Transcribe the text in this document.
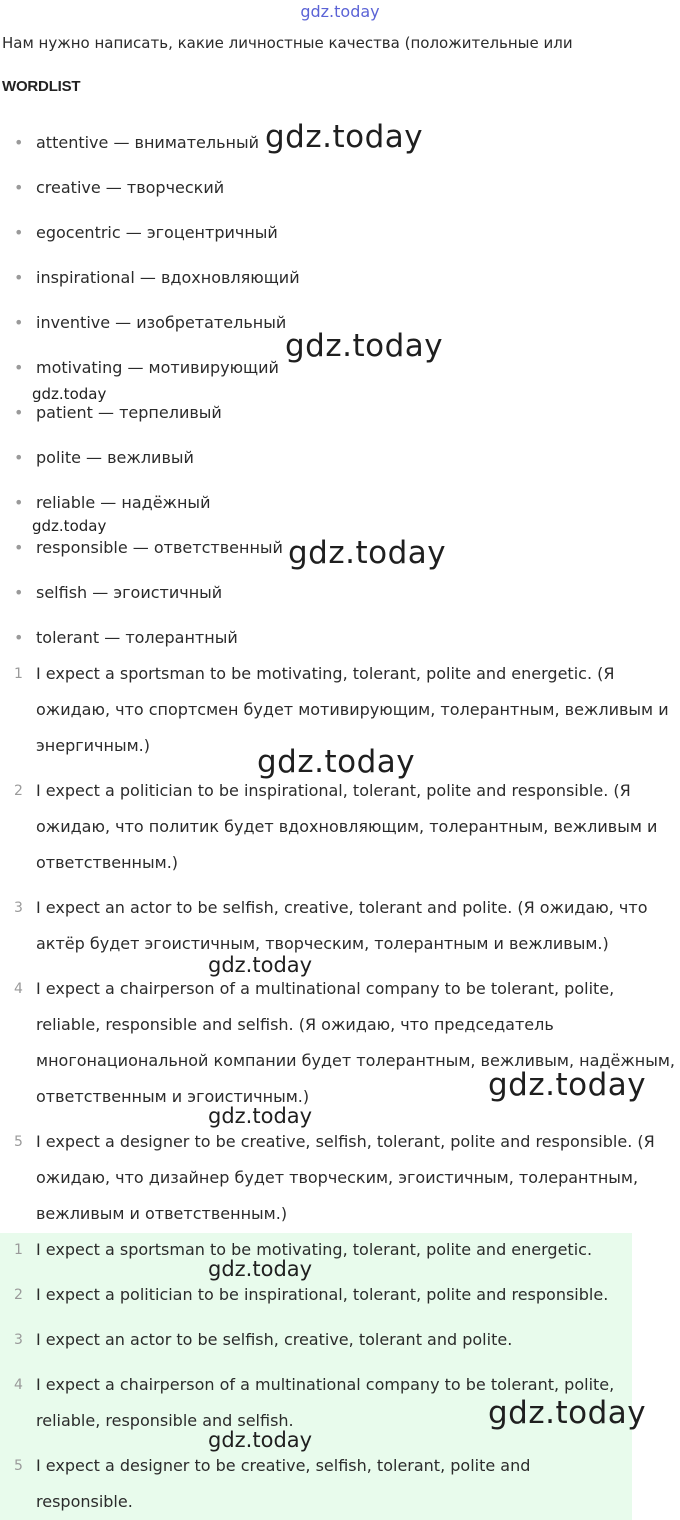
gdz.today
Нам нужно написать, какие личностные качества (положительные или
WORDLIST
• attentive — внимательный
• creative — творческий
• egocentric — эгоцентричный
• inspirational — вдохновляющий
• inventive — изобретательный
• motivating — мотивирующий
• patient — терпеливый
• polite — вежливый
• reliable — надёжный
• responsible — ответственный
• selfish — эгоистичный
• tolerant — толерантный
1 I expect a sportsman to be motivating, tolerant, polite and energetic. (Я ожидаю, что спортсмен будет мотивирующим, толерантным, вежливым и энергичным.)
2 I expect a politician to be inspirational, tolerant, polite and responsible. (Я ожидаю, что политик будет вдохновляющим, толерантным, вежливым и ответственным.)
3 I expect an actor to be selfish, creative, tolerant and polite. (Я ожидаю, что актёр будет эгоистичным, творческим, толерантным и вежливым.)
4 I expect a chairperson of a multinational company to be tolerant, polite, reliable, responsible and selfish. (Я ожидаю, что председатель многонациональной компании будет толерантным, вежливым, надёжным, ответственным и эгоистичным.)
5 I expect a designer to be creative, selfish, tolerant, polite and responsible. (Я ожидаю, что дизайнер будет творческим, эгоистичным, толерантным, вежливым и ответственным.)
1 I expect a sportsman to be motivating, tolerant, polite and energetic.
2 I expect a politician to be inspirational, tolerant, polite and responsible.
3 I expect an actor to be selfish, creative, tolerant and polite.
4 I expect a chairperson of a multinational company to be tolerant, polite, reliable, responsible and selfish.
5 I expect a designer to be creative, selfish, tolerant, polite and responsible.
gdz.today
gdz.today
gdz.today
gdz.today
gdz.today
gdz.today
gdz.today
gdz.today
gdz.today
gdz.today
gdz.today
gdz.today
